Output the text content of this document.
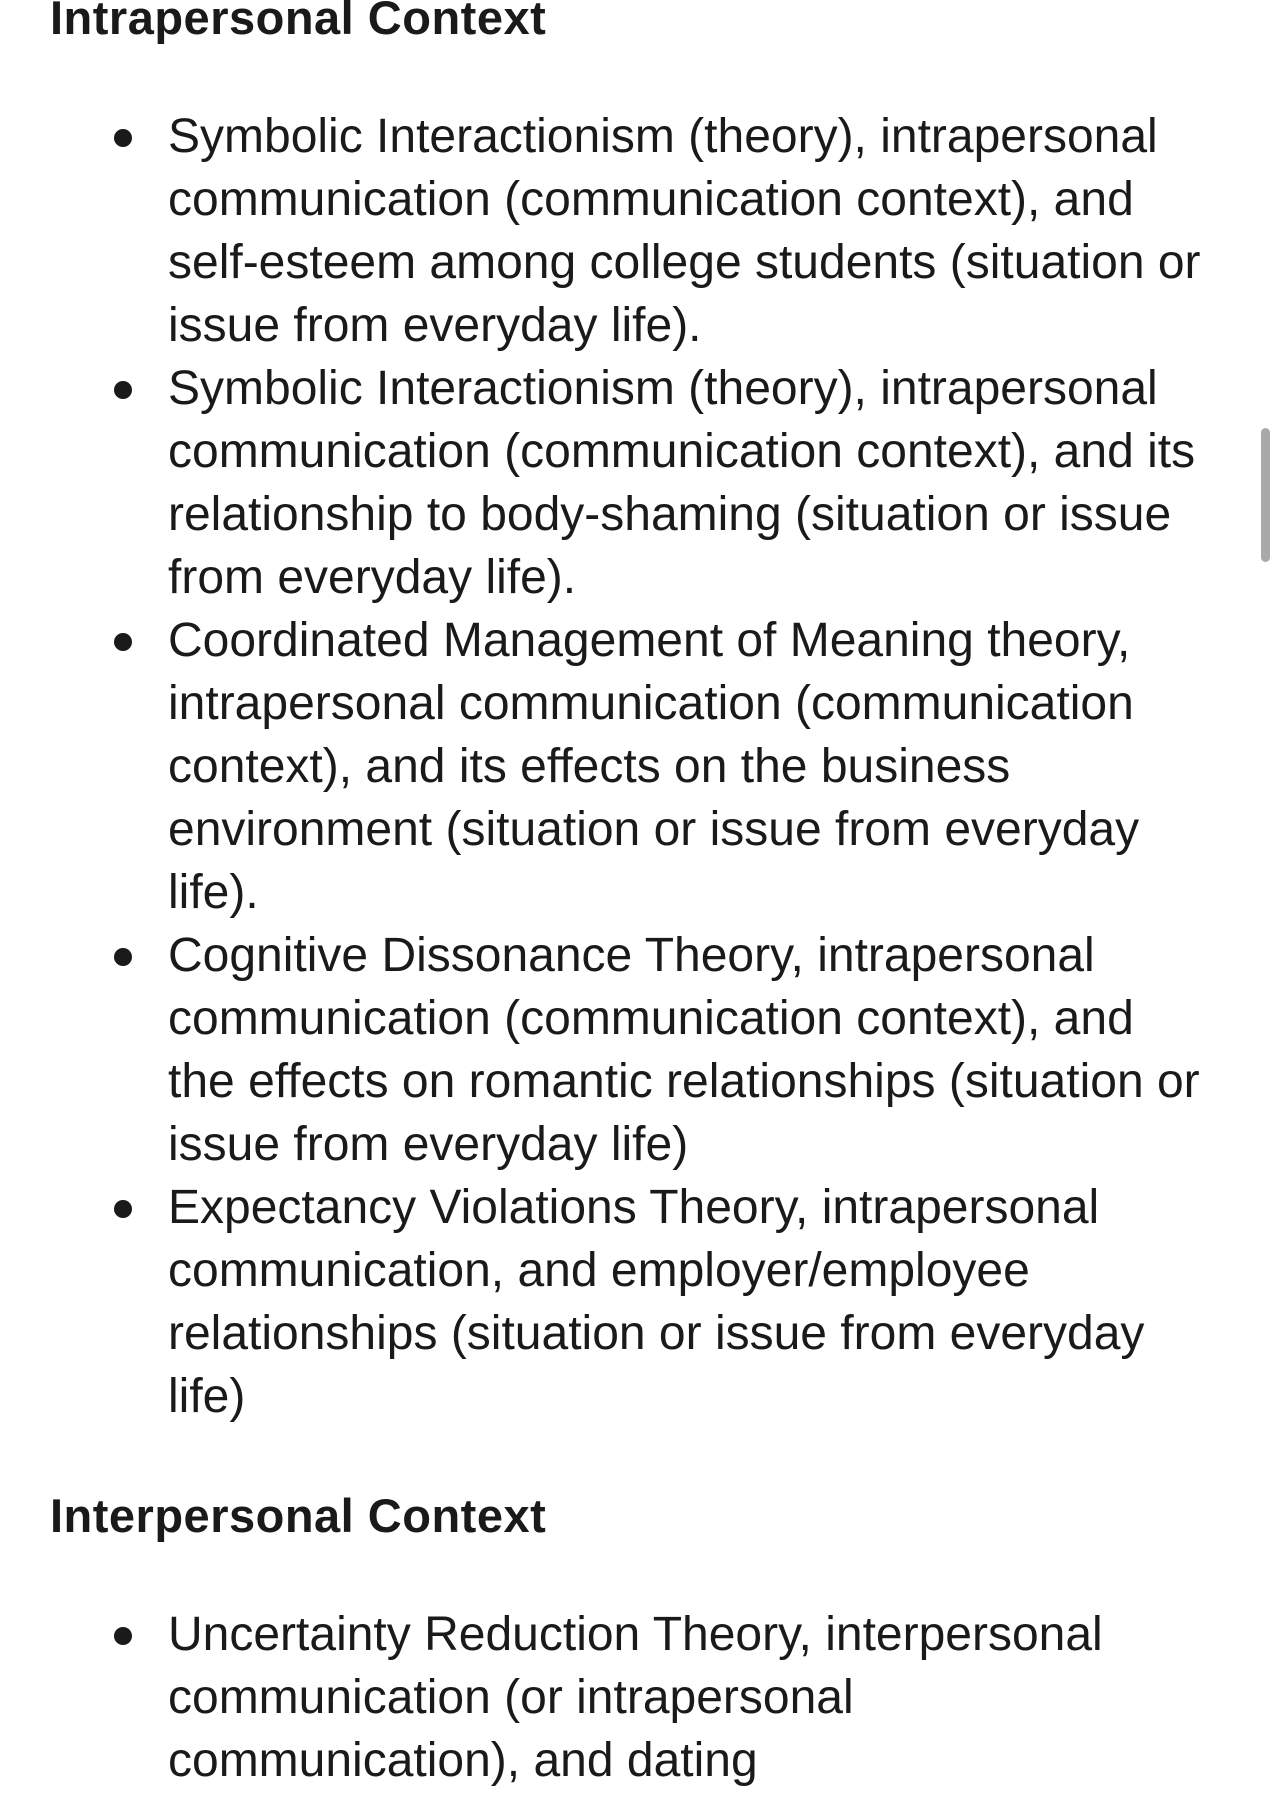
Intrapersonal Context
Symbolic Interactionism (theory), intrapersonal communication (communication context), and self-esteem among college students (situation or issue from everyday life).
Symbolic Interactionism (theory), intrapersonal communication (communication context), and its relationship to body-shaming (situation or issue from everyday life).
Coordinated Management of Meaning theory, intrapersonal communication (communication context), and its effects on the business environment (situation or issue from everyday life).
Cognitive Dissonance Theory, intrapersonal communication (communication context), and the effects on romantic relationships (situation or issue from everyday life)
Expectancy Violations Theory, intrapersonal communication, and employer/employee relationships (situation or issue from everyday life)
Interpersonal Context
Uncertainty Reduction Theory, interpersonal communication (or intrapersonal communication), and dating
